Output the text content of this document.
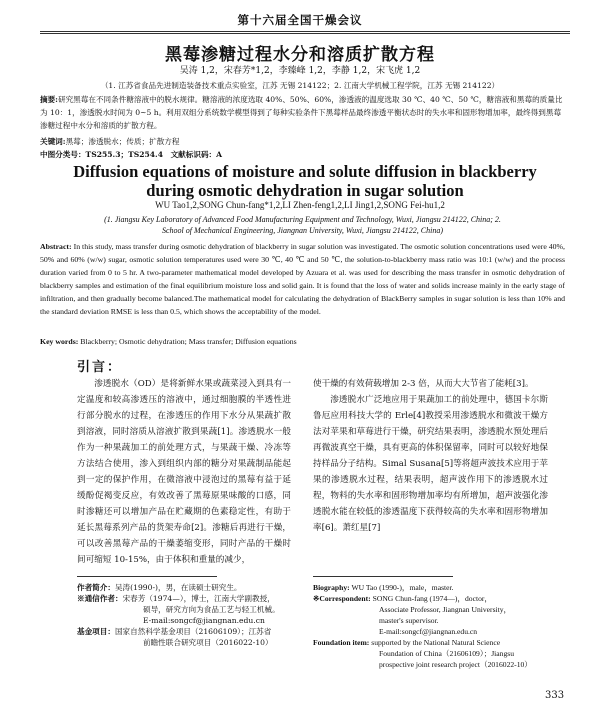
第十六届全国干燥会议
黑莓渗糖过程水分和溶质扩散方程
吴涛 1,2，宋春芳*1,2，李臻峰 1,2，李静 1,2，宋飞虎 1,2
（1. 江苏省食品先进制造装备技术重点实验室，江苏 无锡 214122；2. 江南大学机械工程学院，江苏 无锡 214122）
摘要:研究黑莓在不同条件糖溶液中的脱水规律。糖溶液的浓度选取 40%、50%、60%，渗透液的温度选取 30 ℃、40 ℃、50 ℃，糖溶液和黑莓的质量比为 10：1，渗透脱水时间为 0~5 h。利用双组分系统数学模型得到了每种实验条件下黑莓样品最终渗透平衡状态时的失水率和固形物增加率，最终得到黑莓渗糖过程中水分和溶质的扩散方程。
关键词:黑莓；渗透脱水；传质；扩散方程
中图分类号：TS255.3；TS254.4　文献标识码：A
Diffusion equations of moisture and solute diffusion in blackberry
during osmotic dehydration in sugar solution
WU Tao1,2,SONG Chun-fang*1,2,LI Zhen-feng1,2,LI Jing1,2,SONG Fei-hu1,2
(1. Jiangsu Key Laboratory of Advanced Food Manufacturing Equipment and Technology, Wuxi, Jiangsu 214122, China; 2.
School of Mechanical Engineering, Jiangnan University, Wuxi, Jiangsu 214122, China)
Abstract: In this study, mass transfer during osmotic dehydration of blackberry in sugar solution was investigated. The osmotic solution concentrations used were 40%, 50% and 60% (w/w) sugar, osmotic solution temperatures used were 30 ℃, 40 ℃ and 50 ℃, the solution-to-blackberry mass ratio was 10:1 (w/w) and the process duration varied from 0 to 5 hr. A two-parameter mathematical model developed by Azuara et al. was used for describing the mass transfer in osmotic dehydration of blackberry samples and estimation of the final equilibrium moisture loss and solid gain. It is found that the loss of water and solids increase mainly in the early stage of infiltration, and then gradually become balanced.The mathematical model for calculating the dehydration of BlackBerry samples in sugar solution is less than 10% and the standard deviation RMSE is less than 0.5, which shows the acceptability of the model.
Key words: Blackberry; Osmotic dehydration; Mass transfer; Diffusion equations
引言：
渗透脱水（OD）是将新鲜水果或蔬菜浸入到具有一定温度和较高渗透压的溶液中，通过细胞膜的半透性进行部分脱水的过程，在渗透压的作用下水分从果蔬扩散到溶液，同时溶质从溶液扩散到果蔬[1]。渗透脱水一般作为一种果蔬加工的前处理方式，与果蔬干燥、冷冻等方法结合使用，渗入到组织内部的糖分对果蔬制品能起到一定的保护作用，在微溶液中浸泡过的黑莓有益于延缓酚促褐变反应，有效改善了黑莓原果味酸的口感，同时渗糖还可以增加产品在贮藏期的色素稳定性，有助于延长黑莓系列产品的货架寿命[2]。渗糖后再进行干燥，可以改善黑莓产品的干燥萎缩变形，同时产品的干燥时间可缩短 10-15%，由于体积和重量的减少，
使干燥的有效荷载增加 2-3 倍，从而大大节省了能耗[3]。
渗透脱水广泛地应用于果蔬加工的前处理中，德国卡尔斯鲁厄应用科技大学的 Erle[4]教授采用渗透脱水和微波干燥方法对苹果和草莓进行干燥，研究结果表明，渗透脱水预处理后再微波真空干燥，具有更高的体积保留率，同时可以较好地保持样品分子结构。Simal Susana[5]等将超声波技术应用于苹果的渗透脱水过程，结果表明，超声波作用下的渗透脱水过程，物料的失水率和固形物增加率均有所增加，超声波强化渗透脱水能在较低的渗透温度下获得较高的失水率和固形物增加率[6]。萧红星[7]
作者简介：吴涛(1990-)，男，在读硕士研究生。
※通信作者：宋春芳（1974—），博士，江南大学副教授，
硕导，研究方向为食品工艺与轻工机械。
E-mail:songcf@jiangnan.edu.cn
基金项目：国家自然科学基金项目（21606109）；江苏省
前瞻性联合研究项目（2016022-10）
Biography: WU Tao (1990-)，male，master.
※Correspondent: SONG Chun-fang (1974—)，doctor，
Associate Professor, Jiangnan University，
master's supervisor.
E-mail:songcf@jiangnan.edu.cn
Foundation item: supported by the National Natural Science
Foundation of China（21606109）；Jiangsu
prospective joint research project（2016022-10）
333
